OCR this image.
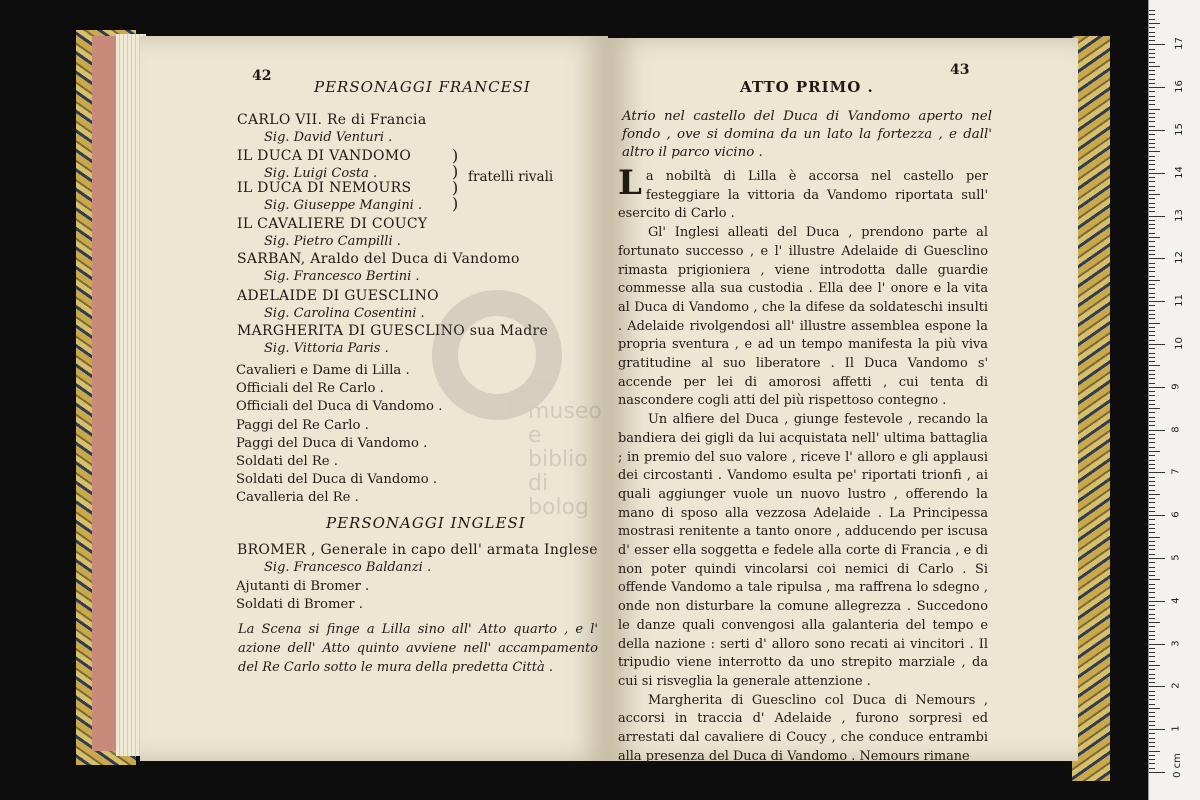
42
PERSONAGGI FRANCESI
CARLO VII. Re di Francia
Sig. David Venturi .
IL DUCA DI VANDOMO
Sig. Luigi Costa .
IL DUCA DI NEMOURS
Sig. Giuseppe Mangini .
)
)
)
)
fratelli rivali
IL CAVALIERE DI COUCY
Sig. Pietro Campilli .
SARBAN, Araldo del Duca di Vandomo
Sig. Francesco Bertini .
ADELAIDE DI GUESCLINO
Sig. Carolina Cosentini .
MARGHERITA DI GUESCLINO sua Madre
Sig. Vittoria Paris .
Cavalieri e Dame di Lilla .
Officiali del Re Carlo .
Officiali del Duca di Vandomo .
Paggi del Re Carlo .
Paggi del Duca di Vandomo .
Soldati del Re .
Soldati del Duca di Vandomo .
Cavalleria del Re .
PERSONAGGI INGLESI
BROMER , Generale in capo dell' armata Inglese
Sig. Francesco Baldanzi .
Ajutanti di Bromer .
Soldati di Bromer .
La Scena si finge a Lilla sino all' Atto quarto , e l' azione dell' Atto quinto avviene nell' accampamento del Re Carlo sotto le mura della predetta Città .
ATTO PRIMO .
43
Atrio nel castello del Duca di Vandomo aperto nel fondo , ove si domina da un lato la fortezza , e dall' altro il parco vicino .

La nobiltà di Lilla è accorsa nel castello per festeggiare la vittoria da Vandomo riportata sull' esercito di Carlo .

Gl' Inglesi alleati del Duca , prendono parte al fortunato successo , e l' illustre Adelaide di Guesclino rimasta prigioniera , viene introdotta dalle guardie commesse alla sua custodia . Ella dee l' onore e la vita al Duca di Vandomo , che la difese da soldateschi insulti . Adelaide rivolgendosi all' illustre assemblea espone la propria sventura , e ad un tempo manifesta la più viva gratitudine al suo liberatore . Il Duca Vandomo s' accende per lei di amorosi affetti , cui tenta di nascondere cogli atti del più rispettoso contegno .

Un alfiere del Duca , giunge festevole , recando la bandiera dei gigli da lui acquistata nell' ultima battaglia ; in premio del suo valore , riceve l' alloro e gli applausi dei circostanti . Vandomo esulta pe' riportati trionfi , ai quali aggiunger vuole un nuovo lustro , offerendo la mano di sposo alla vezzosa Adelaide . La Principessa mostrasi renitente a tanto onore , adducendo per iscusa d' esser ella soggetta e fedele alla corte di Francia , e di non poter quindi vincolarsi coi nemici di Carlo . Si offende Vandomo a tale ripulsa , ma raffrena lo sdegno , onde non disturbare la comune allegrezza . Succedono le danze quali convengosi alla galanteria del tempo e della nazione : serti d' alloro sono recati ai vincitori . Il tripudio viene interrotto da uno strepito marziale , da cui si risveglia la generale attenzione .

Margherita di Guesclino col Duca di Nemours , accorsi in traccia d' Adelaide , furono sorpresi ed arrestati dal cavaliere di Coucy , che conduce entrambi alla presenza del Duca di Vandomo . Nemours rimane

museo
e biblio
di bolog
0 cm
1
2
3
4
5
6
7
8
9
10
11
12
13
14
15
16
17
